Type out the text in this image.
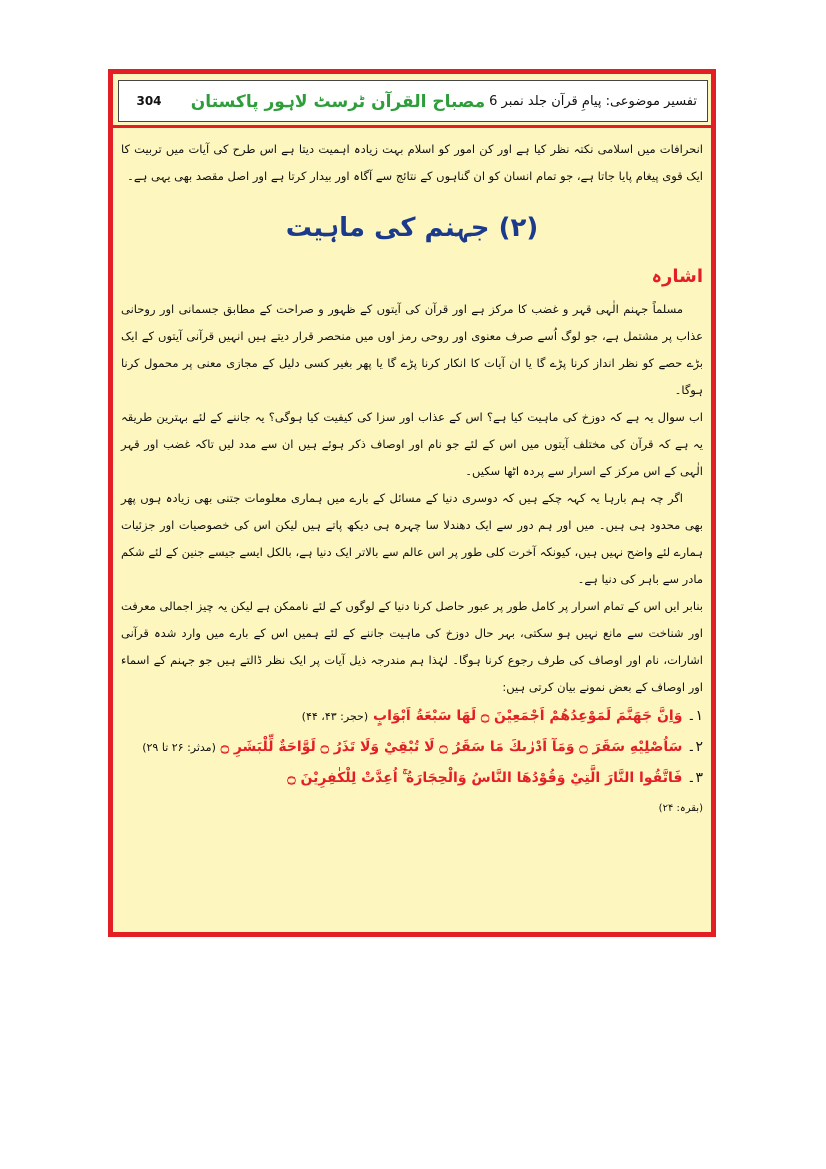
تفسیر موضوعی: پیامِ قرآن جلد نمبر 6
مصباح القرآن ٹرسٹ لاہور پاکستان
304

انحرافات میں اسلامی نکتہ نظر کیا ہے اور کن امور کو اسلام بہت زیادہ اہمیت دیتا ہے اس طرح کی آیات میں تربیت کا ایک قوی پیغام پایا جاتا ہے، جو تمام انسان کو ان گناہوں کے نتائج سے آگاہ اور بیدار کرتا ہے اور اصل مقصد بھی یہی ہے۔

(۲) جہنم کی ماہیت
اشارہ

مسلماً جہنم الٰہی قہر و غضب کا مرکز ہے اور قرآن کی آیتوں کے ظہور و صراحت کے مطابق جسمانی اور روحانی عذاب پر مشتمل ہے، جو لوگ اُسے صرف معنوی اور روحی رمز اوں میں منحصر قرار دیتے ہیں انہیں قرآنی آیتوں کے ایک بڑے حصے کو نظر انداز کرنا پڑے گا یا ان آیات کا انکار کرنا پڑے گا یا پھر بغیر کسی دلیل کے مجازی معنی پر محمول کرنا ہوگا۔

اب سوال یہ ہے کہ دوزخ کی ماہیت کیا ہے؟ اس کے عذاب اور سزا کی کیفیت کیا ہوگی؟ یہ جاننے کے لئے بہترین طریقہ یہ ہے کہ قرآن کی مختلف آیتوں میں اس کے لئے جو نام اور اوصاف ذکر ہوئے ہیں ان سے مدد لیں تاکہ غضب اور قہر الٰہی کے اس مرکز کے اسرار سے پردہ اٹھا سکیں۔

اگر چہ ہم بارہا یہ کہہ چکے ہیں کہ دوسری دنیا کے مسائل کے بارے میں ہماری معلومات جتنی بھی زیادہ ہوں پھر بھی محدود ہی ہیں۔ میں اور ہم دور سے ایک دھندلا سا چہرہ ہی دیکھ پاتے ہیں لیکن اس کی خصوصیات اور جزئیات ہمارے لئے واضح نہیں ہیں، کیونکہ آخرت کلی طور پر اس عالم سے بالاتر ایک دنیا ہے، بالکل ایسے جیسے جنین کے لئے شکم مادر سے باہر کی دنیا ہے۔

بنابر ایں اس کے تمام اسرار پر کامل طور پر عبور حاصل کرنا دنیا کے لوگوں کے لئے ناممکن ہے لیکن یہ چیز اجمالی معرفت اور شناخت سے مانع نہیں ہو سکتی، بہر حال دوزخ کی ماہیت جاننے کے لئے ہمیں اس کے بارے میں وارد شدہ قرآنی اشارات، نام اور اوصاف کی طرف رجوع کرنا ہوگا۔ لہٰذا ہم مندرجہ ذیل آیات پر ایک نظر ڈالتے ہیں جو جہنم کے اسماء اور اوصاف کے بعض نمونے بیان کرتی ہیں:

۱۔ وَاِنَّ جَهَنَّمَ لَمَوْعِدُهُمْ اَجْمَعِيْنَ ۝ لَهَا سَبْعَةُ اَبْوَابٍ (حجر: ۴۳، ۴۴)
۲۔ سَاُصْلِيْهِ سَقَرَ ۝ وَمَآ اَدْرٰىكَ مَا سَقَرُ ۝ لَا تُبْقِيْ وَلَا تَذَرُ ۝ لَوَّاحَةٌ لِّلْبَشَرِ ۝ (مدثر: ۲۶ تا ۲۹)
۳۔ فَاتَّقُوا النَّارَ الَّتِيْ وَقُوْدُهَا النَّاسُ وَالْحِجَارَةُ ۚ اُعِدَّتْ لِلْكٰفِرِيْنَ ۝
(بقرہ: ۲۴)
